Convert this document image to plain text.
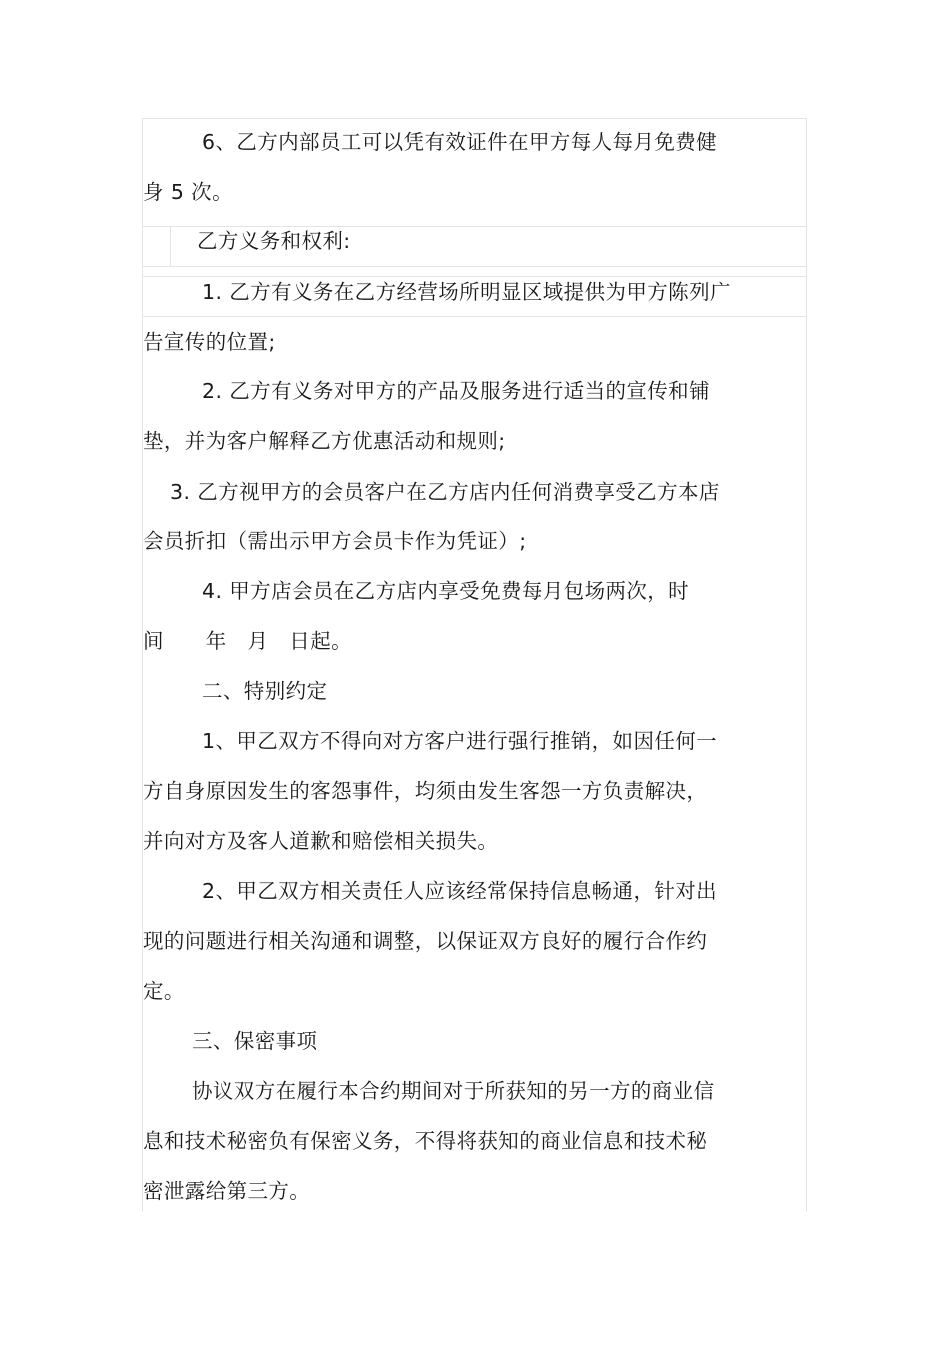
6、乙方内部员工可以凭有效证件在甲方每人每月免费健

身 5 次。

乙方义务和权利:

1. 乙方有义务在乙方经营场所明显区域提供为甲方陈列广

告宣传的位置;

2. 乙方有义务对甲方的产品及服务进行适当的宣传和铺

垫，并为客户解释乙方优惠活动和规则;

3. 乙方视甲方的会员客户在乙方店内任何消费享受乙方本店

会员折扣（需出示甲方会员卡作为凭证）;

4. 甲方店会员在乙方店内享受免费每月包场两次，时

间　　年　月　日起。

二、特别约定

1、甲乙双方不得向对方客户进行强行推销，如因任何一

方自身原因发生的客怨事件，均须由发生客怨一方负责解决，

并向对方及客人道歉和赔偿相关损失。

2、甲乙双方相关责任人应该经常保持信息畅通，针对出

现的问题进行相关沟通和调整，以保证双方良好的履行合作约

定。

三、保密事项

协议双方在履行本合约期间对于所获知的另一方的商业信

息和技术秘密负有保密义务，不得将获知的商业信息和技术秘

密泄露给第三方。
